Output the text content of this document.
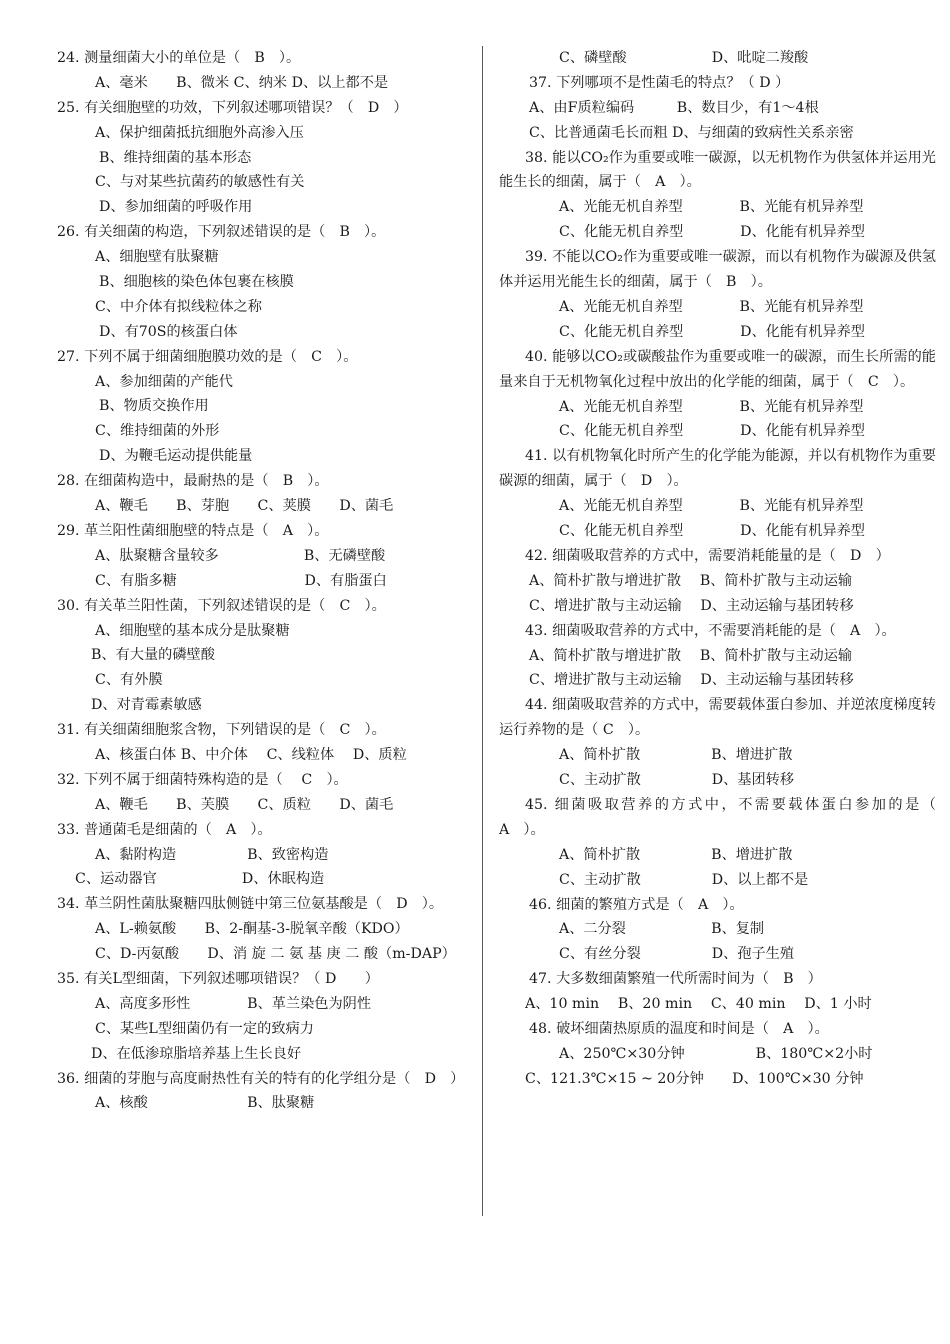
24. 测量细菌大小的单位是（　B　）。
A、毫米　　B、微米 C、纳米 D、以上都不是
25. 有关细胞壁的功效，下列叙述哪项错误？（　D　）
A、保护细菌抵抗细胞外高渗入压
B、维持细菌的基本形态
C、与对某些抗菌药的敏感性有关
D、参加细菌的呼吸作用
26. 有关细菌的构造，下列叙述错误的是（　B　）。
A、细胞壁有肽聚糖
B、细胞核的染色体包裹在核膜
C、中介体有拟线粒体之称
D、有70S的核蛋白体
27. 下列不属于细菌细胞膜功效的是（　C　）。
A、参加细菌的产能代
B、物质交换作用
C、维持细菌的外形
D、为鞭毛运动提供能量
28. 在细菌构造中，最耐热的是（　B　）。
A、鞭毛　　B、芽胞　　C、荚膜　　D、菌毛
29. 革兰阳性菌细胞壁的特点是（　A　）。
A、肽聚糖含量较多　　　　　　B、无磷壁酸
C、有脂多糖　　　　　　　　　D、有脂蛋白
30. 有关革兰阳性菌，下列叙述错误的是（　C　）。
A、细胞壁的基本成分是肽聚糖
B、有大量的磷壁酸
C、有外膜
D、对青霉素敏感
31. 有关细菌细胞浆含物，下列错误的是（　C　）。
A、核蛋白体 B、中介体　 C、线粒体　 D、质粒
32. 下列不属于细菌特殊构造的是（　 C　）。
A、鞭毛　　B、芙膜　　C、质粒　　D、菌毛
33. 普通菌毛是细菌的（　A　）。
A、黏附构造　　　　　B、致密构造
C、运动器官　　　　　　D、休眠构造
34. 革兰阴性菌肽聚糖四肽侧链中第三位氨基酸是（　D　）。
A、L-赖氨酸　　B、2-酮基-3-脱氧辛酸（KDO）
C、D-丙氨酸　　D、消 旋 二 氨 基 庚 二 酸（m-DAP）
35. 有关L型细菌，下列叙述哪项错误？（ D　　）
A、高度多形性　　　　B、革兰染色为阴性
C、某些L型细菌仍有一定的致病力
D、在低渗琼脂培养基上生长良好
36. 细菌的芽胞与高度耐热性有关的特有的化学组分是（　D　）
A、核酸　　　　　　　B、肽聚糖
C、磷壁酸　　　　　　D、吡啶二羧酸
37. 下列哪项不是性菌毛的特点？（ D ）
A、由F质粒编码　　　B、数目少，有1～4根
C、比普通菌毛长而粗 D、与细菌的致病性关系亲密
38. 能以CO₂作为重要或唯一碳源，以无机物作为供氢体并运用光能生长的细菌，属于（　A　）。
A、光能无机自养型　　　　B、光能有机异养型
C、化能无机自养型　　　　D、化能有机异养型
39. 不能以CO₂作为重要或唯一碳源，而以有机物作为碳源及供氢体并运用光能生长的细菌，属于（　B　）。
A、光能无机自养型　　　　B、光能有机异养型
C、化能无机自养型　　　　D、化能有机异养型
40. 能够以CO₂或碳酸盐作为重要或唯一的碳源，而生长所需的能量来自于无机物氧化过程中放出的化学能的细菌，属于（　C　）。
A、光能无机自养型　　　　B、光能有机异养型
C、化能无机自养型　　　　D、化能有机异养型
41. 以有机物氧化时所产生的化学能为能源，并以有机物作为重要碳源的细菌，属于（　D　）。
A、光能无机自养型　　　　B、光能有机异养型
C、化能无机自养型　　　　D、化能有机异养型
42. 细菌吸取营养的方式中，需要消耗能量的是（　D　）
A、简朴扩散与增进扩散　 B、简朴扩散与主动运输
C、增进扩散与主动运输　 D、主动运输与基团转移
43. 细菌吸取营养的方式中，不需要消耗能的是（　A　）。
A、简朴扩散与增进扩散　 B、简朴扩散与主动运输
C、增进扩散与主动运输　 D、主动运输与基团转移
44. 细菌吸取营养的方式中，需要载体蛋白参加、并逆浓度梯度转运行养物的是（ C　）。
A、简朴扩散　　　　　B、增进扩散
C、主动扩散　　　　　D、基团转移
45. 细菌吸取营养的方式中，不需要载体蛋白参加的是（　A　）。
A、简朴扩散　　　　　B、增进扩散
C、主动扩散　　　　　D、以上都不是
46. 细菌的繁殖方式是（　A　）。
A、二分裂　　　　　　B、复制
C、有丝分裂　　　　　D、孢子生殖
47. 大多数细菌繁殖一代所需时间为（　B　）
A、10 min　 B、20 min　 C、40 min　 D、1 小时
48. 破坏细菌热原质的温度和时间是（　A　）。
A、250℃×30分钟　　　　　B、180℃×2小时
C、121.3℃×15 ~ 20分钟　　D、100℃×30 分钟
